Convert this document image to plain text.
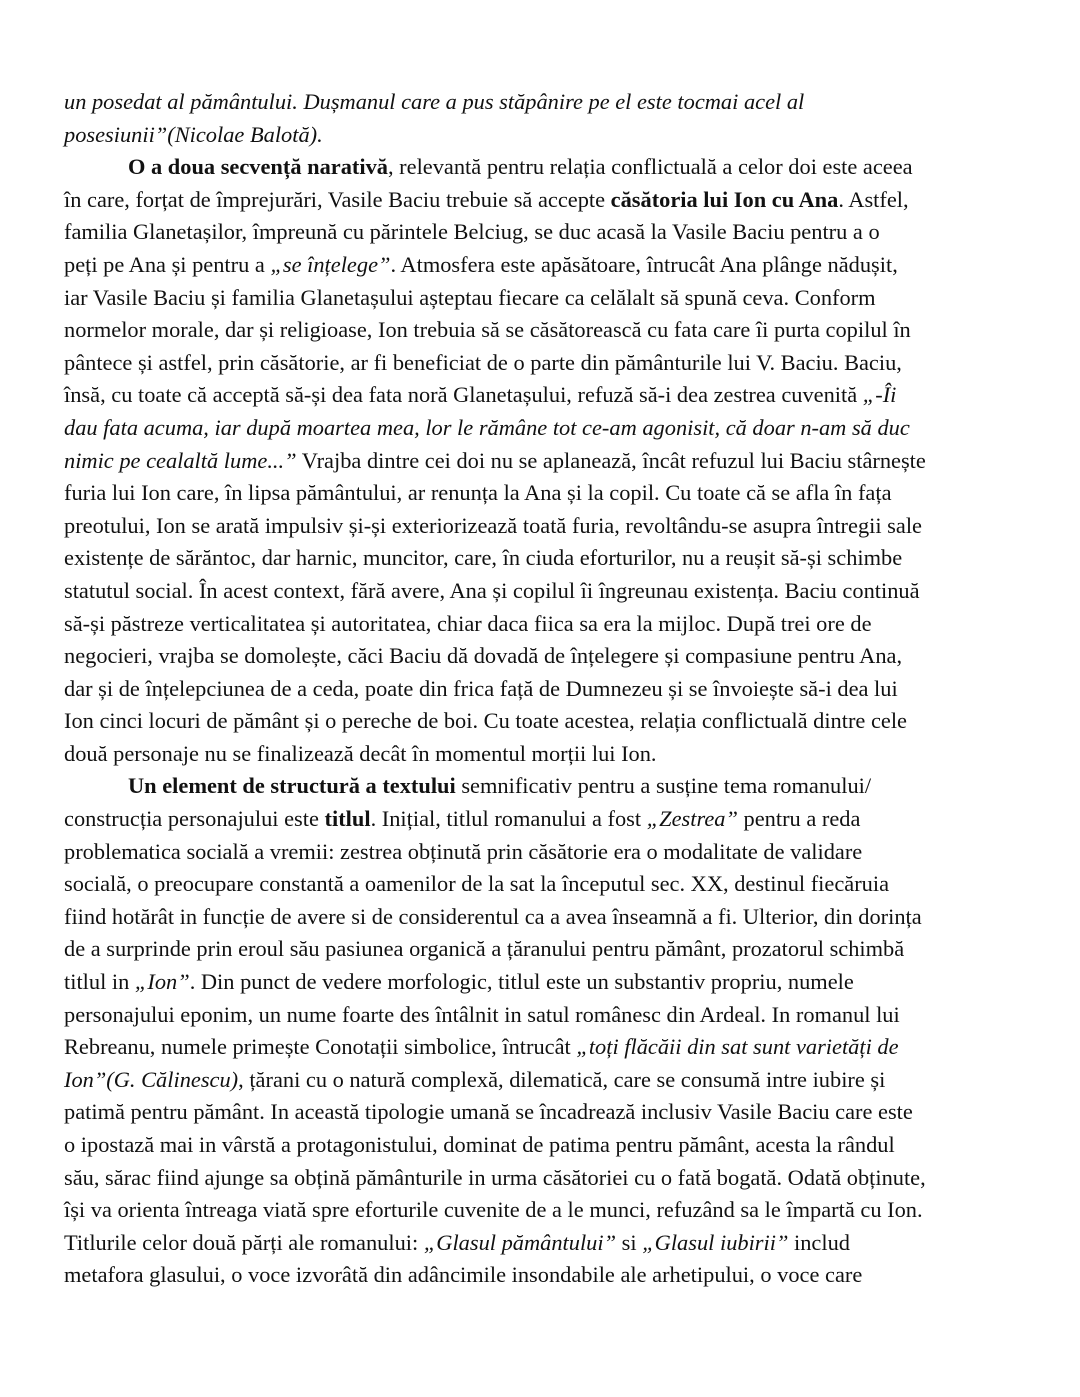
un posedat al pământului. Dușmanul care a pus stăpânire pe el este tocmai acel al
posesiunii”(Nicolae Balotă).
O a doua secvență narativă, relevantă pentru relația conflictuală a celor doi este aceea
în care, forțat de împrejurări, Vasile Baciu trebuie să accepte căsătoria lui Ion cu Ana. Astfel,
familia Glanetașilor, împreună cu părintele Belciug, se duc acasă la Vasile Baciu pentru a o
peți pe Ana și pentru a „se înțelege”. Atmosfera este apăsătoare, întrucât Ana plânge nădușit,
iar Vasile Baciu și familia Glanetașului așteptau fiecare ca celălalt să spună ceva. Conform
normelor morale, dar și religioase, Ion trebuia să se căsătorească cu fata care îi purta copilul în
pântece și astfel, prin căsătorie, ar fi beneficiat de o parte din pământurile lui V. Baciu. Baciu,
însă, cu toate că acceptă să-și dea fata noră Glanetașului, refuză să-i dea zestrea cuvenită „-Îi
dau fata acuma, iar după moartea mea, lor le rămâne tot ce-am agonisit, că doar n-am să duc
nimic pe cealaltă lume...” Vrajba dintre cei doi nu se aplanează, încât refuzul lui Baciu stârnește
furia lui Ion care, în lipsa pământului, ar renunța la Ana și la copil. Cu toate că se afla în fața
preotului, Ion se arată impulsiv și-și exteriorizează toată furia, revoltându-se asupra întregii sale
existențe de sărăntoc, dar harnic, muncitor, care, în ciuda eforturilor, nu a reușit să-și schimbe
statutul social. În acest context, fără avere, Ana și copilul îi îngreunau existența. Baciu continuă
să-și păstreze verticalitatea și autoritatea, chiar daca fiica sa era la mijloc. După trei ore de
negocieri, vrajba se domolește, căci Baciu dă dovadă de înțelegere și compasiune pentru Ana,
dar și de înțelepciunea de a ceda, poate din frica față de Dumnezeu și se învoiește să-i dea lui
Ion cinci locuri de pământ și o pereche de boi. Cu toate acestea, relația conflictuală dintre cele
două personaje nu se finalizează decât în momentul morții lui Ion.
Un element de structură a textului semnificativ pentru a susține tema romanului/
construcția personajului este titlul. Inițial, titlul romanului a fost „Zestrea” pentru a reda
problematica socială a vremii: zestrea obținută prin căsătorie era o modalitate de validare
socială, o preocupare constantă a oamenilor de la sat la începutul sec. XX, destinul fiecăruia
fiind hotărât in funcție de avere si de considerentul ca a avea înseamnă a fi. Ulterior, din dorința
de a surprinde prin eroul său pasiunea organică a țăranului pentru pământ, prozatorul schimbă
titlul in „Ion”. Din punct de vedere morfologic, titlul este un substantiv propriu, numele
personajului eponim, un nume foarte des întâlnit in satul românesc din Ardeal. In romanul lui
Rebreanu, numele primește Conotații simbolice, întrucât „toți flăcăii din sat sunt varietăți de
Ion”(G. Călinescu), țărani cu o natură complexă, dilematică, care se consumă intre iubire și
patimă pentru pământ. In această tipologie umană se încadrează inclusiv Vasile Baciu care este
o ipostază mai in vârstă a protagonistului, dominat de patima pentru pământ, acesta la rândul
său, sărac fiind ajunge sa obțină pământurile in urma căsătoriei cu o fată bogată. Odată obținute,
își va orienta întreaga viată spre eforturile cuvenite de a le munci, refuzând sa le împartă cu Ion.
Titlurile celor două părți ale romanului: „Glasul pământului” si „Glasul iubirii” includ
metafora glasului, o voce izvorâtă din adâncimile insondabile ale arhetipului, o voce care
